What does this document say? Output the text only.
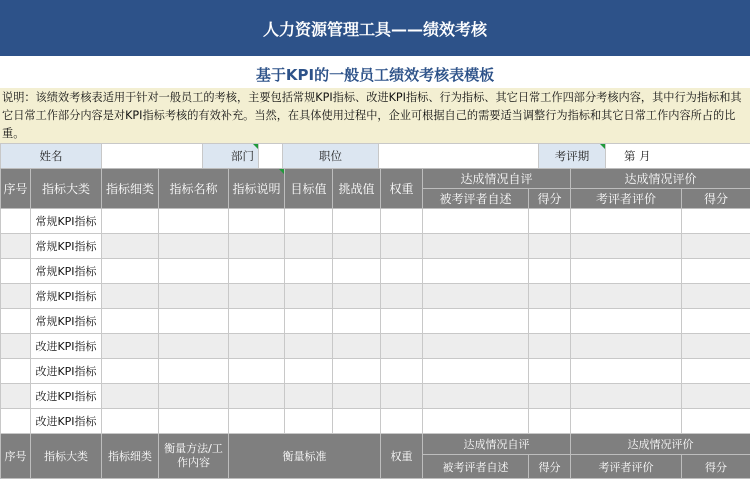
人力资源管理工具——绩效考核
基于KPI的一般员工绩效考核表模板
说明：该绩效考核表适用于针对一般员工的考核，主要包括常规KPI指标、改进KPI指标、行为指标、其它日常工作四部分考核内容，其中行为指标和其它日常工作部分内容是对KPI指标考核的有效补充。当然，在具体使用过程中，企业可根据自己的需要适当调整行为指标和其它日常工作内容所占的比重。
姓名		部门		职位		考评期	第 月
序号	指标大类	指标细类	指标名称	指标说明	目标值	挑战值	权重	达成情况自评		达成情况评价	
								被考评者自述	得分	考评者评价	得分
	常规KPI指标										
	常规KPI指标										
	常规KPI指标										
	常规KPI指标										
	常规KPI指标										
	改进KPI指标										
	改进KPI指标										
	改进KPI指标										
	改进KPI指标										
序号	指标大类	指标细类	衡量方法/工作内容	衡量标准			权重	达成情况自评		达成情况评价	
								被考评者自述	得分	考评者评价	得分
